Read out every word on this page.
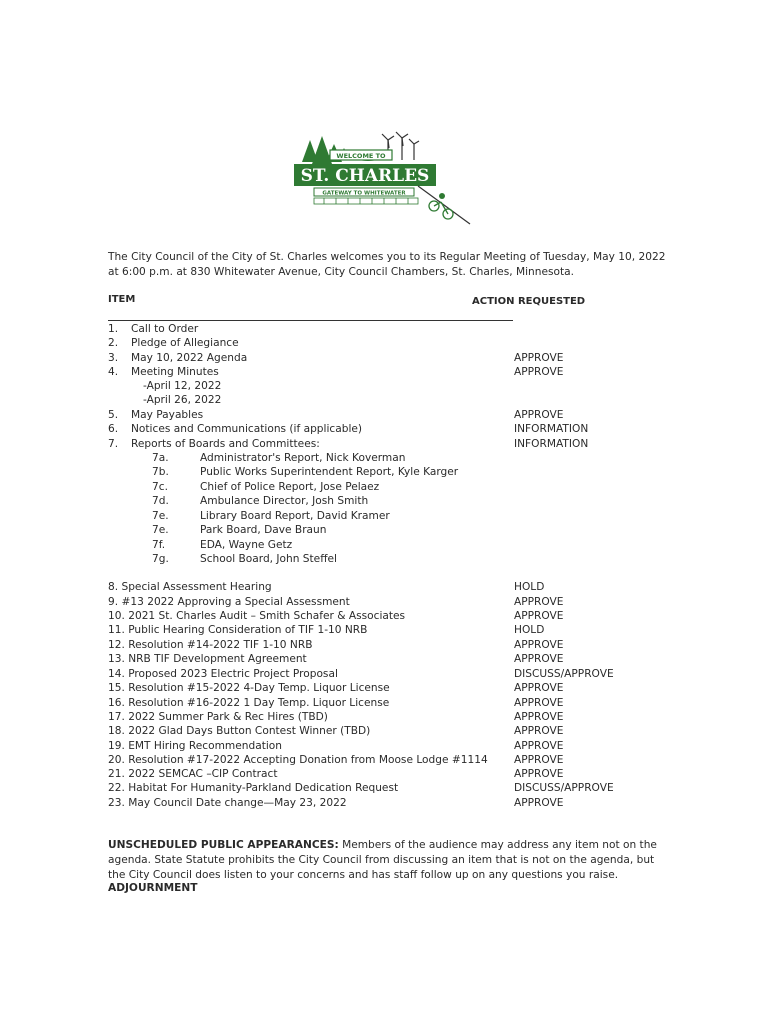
WELCOME TO
ST. CHARLES
GATEWAY TO WHITEWATER

The City Council of the City of St. Charles welcomes you to its Regular Meeting of Tuesday, May 10, 2022 at 6:00 p.m. at 830 Whitewater Avenue, City Council Chambers, St. Charles, Minnesota.

ITEM	ACTION REQUESTED
1. Call to Order
2. Pledge of Allegiance
3. May 10, 2022 Agenda	APPROVE
4. Meeting Minutes	APPROVE
-April 12, 2022
-April 26, 2022
5. May Payables	APPROVE
6. Notices and Communications (if applicable)	INFORMATION
7. Reports of Boards and Committees:	INFORMATION
7a.	Administrator's Report, Nick Koverman
7b.	Public Works Superintendent Report, Kyle Karger
7c.	Chief of Police Report, Jose Pelaez
7d.	Ambulance Director, Josh Smith
7e.	Library Board Report, David Kramer
7e.	Park Board, Dave Braun
7f.	EDA, Wayne Getz
7g.	School Board, John Steffel
8. Special Assessment Hearing	HOLD
9. #13 2022 Approving a Special Assessment	APPROVE
10. 2021 St. Charles Audit – Smith Schafer & Associates	APPROVE
11. Public Hearing Consideration of TIF 1-10 NRB	HOLD
12. Resolution #14-2022 TIF 1-10 NRB	APPROVE
13. NRB TIF Development Agreement	APPROVE
14. Proposed 2023 Electric Project Proposal	DISCUSS/APPROVE
15. Resolution #15-2022 4-Day Temp. Liquor License	APPROVE
16. Resolution #16-2022 1 Day Temp. Liquor License	APPROVE
17. 2022 Summer Park & Rec Hires (TBD)	APPROVE
18. 2022 Glad Days Button Contest Winner (TBD)	APPROVE
19. EMT Hiring Recommendation	APPROVE
20. Resolution #17-2022 Accepting Donation from Moose Lodge #1114 APPROVE
21. 2022 SEMCAC –CIP Contract	APPROVE
22. Habitat For Humanity-Parkland Dedication Request	DISCUSS/APPROVE
23. May Council Date change—May 23, 2022	APPROVE

UNSCHEDULED PUBLIC APPEARANCES: Members of the audience may address any item not on the agenda. State Statute prohibits the City Council from discussing an item that is not on the agenda, but the City Council does listen to your concerns and has staff follow up on any questions you raise.

ADJOURNMENT
